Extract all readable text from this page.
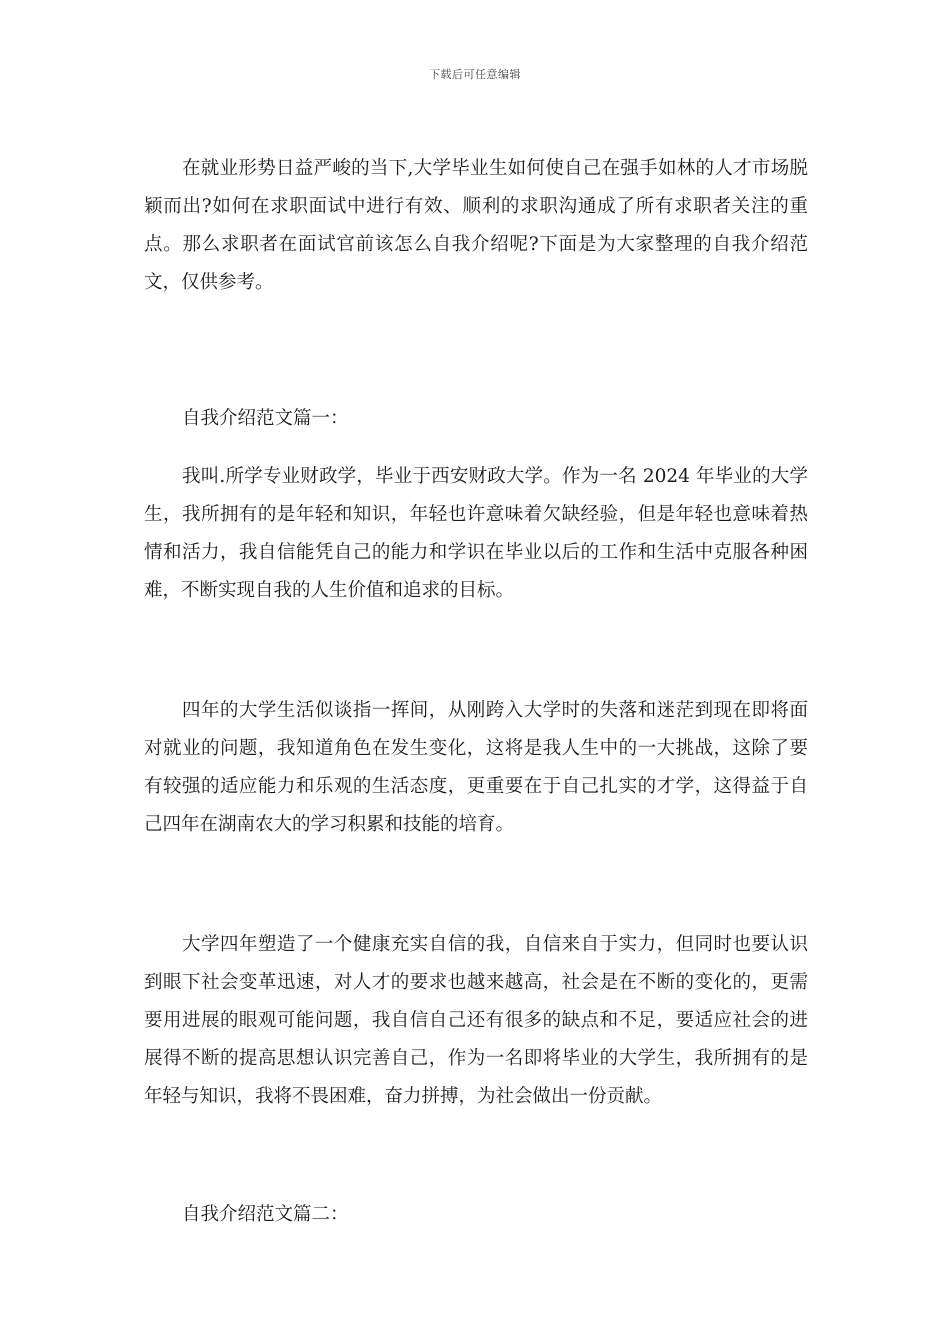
下载后可任意编辑

在就业形势日益严峻的当下,大学毕业生如何使自己在强手如林的人才市场脱颖而出?如何在求职面试中进行有效、顺利的求职沟通成了所有求职者关注的重点。那么求职者在面试官前该怎么自我介绍呢?下面是为大家整理的自我介绍范文，仅供参考。

自我介绍范文篇一：

我叫.所学专业财政学，毕业于西安财政大学。作为一名 2024 年毕业的大学生，我所拥有的是年轻和知识，年轻也许意味着欠缺经验，但是年轻也意味着热情和活力，我自信能凭自己的能力和学识在毕业以后的工作和生活中克服各种困难，不断实现自我的人生价值和追求的目标。

四年的大学生活似谈指一挥间，从刚跨入大学时的失落和迷茫到现在即将面对就业的问题，我知道角色在发生变化，这将是我人生中的一大挑战，这除了要有较强的适应能力和乐观的生活态度，更重要在于自己扎实的才学，这得益于自己四年在湖南农大的学习积累和技能的培育。

大学四年塑造了一个健康充实自信的我，自信来自于实力，但同时也要认识到眼下社会变革迅速，对人才的要求也越来越高，社会是在不断的变化的，更需要用进展的眼观可能问题，我自信自己还有很多的缺点和不足，要适应社会的进展得不断的提高思想认识完善自己，作为一名即将毕业的大学生，我所拥有的是年轻与知识，我将不畏困难，奋力拼搏，为社会做出一份贡献。

自我介绍范文篇二：
